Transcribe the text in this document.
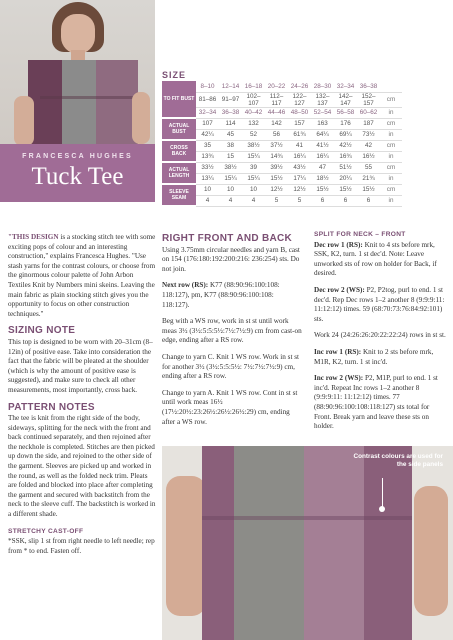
FRANCESCA HUGHES
Tuck Tee
SIZE
TO FIT BUST	8–10	12–14	16–18	20–22	24–26	28–30	32–34	36–38	
	81–86	91–97	102–107	112–117	122–127	132–137	142–147	152–157	cm
	32–34	36–38	40–42	44–46	48–50	52–54	56–58	60–62	in
ACTUAL BUST	107	114	132	142	157	163	176	187	cm
	42¼	45	52	56	61¾	64¼	69¼	73½	in
CROSS BACK	35	38	38½	37½	41	41½	42½	42	cm
	13¾	15	15¼	14¾	16¼	16¼	16¾	16½	in
ACTUAL LENGTH	33½	38½	39	39½	43½	47	51½	55	cm
	13¼	15¼	15¼	15½	17¼	18½	20¼	21¾	in
SLEEVE SEAM	10	10	10	12½	12½	15½	15½	15½	cm
	4	4	4	5	5	6	6	6	in
"THIS DESIGN is a stocking stitch tee with some exciting pops of colour and an interesting construction," explains Francesca Hughes. "Use stash yarns for the contrast colours, or choose from the ginormous colour palette of John Arbon Textiles Knit by Numbers mini skeins. Leaving the main fabric as plain stocking stitch gives you the opportunity to focus on other construction techniques."
SIZING NOTE
This top is designed to be worn with 20–31cm (8–12in) of positive ease. Take into consideration the fact that the fabric will be pleated at the shoulder (which is why the amount of positive ease is suggested), and make sure to check all other measurements, most importantly, cross back.
PATTERN NOTES
The tee is knit from the right side of the body, sideways, splitting for the neck with the front and back continued separately, and then rejoined after the neckhole is completed. Stitches are then picked up down the side, and rejoined to the other side of the garment. Sleeves are picked up and worked in the round, as well as the folded neck trim. Pleats are folded and blocked into place after completing the garment and secured with backstitch from the neck to the sleeve cuff. The backstitch is worked in a different shade.
STRETCHY CAST-OFF
*SSK, slip 1 st from right needle to left needle; rep from * to end. Fasten off.
RIGHT FRONT AND BACK
Using 3.75mm circular needles and yarn B, cast on 154 (176:180:192:200:216: 236:254) sts. Do not join.
Next row (RS): K77 (88:90:96:100:108: 118:127), pm, K77 (88:90:96:100:108: 118:127).
Beg with a WS row, work in st st until work meas 3½ (3½:5:5:5½:7½:7½:9) cm from cast-on edge, ending after a RS row.
Change to yarn C. Knit 1 WS row. Work in st st for another 3½ (3½:5:5:5½: 7½:7½:7½:9) cm, ending after a RS row.
Change to yarn A. Knit 1 WS row. Cont in st st until work meas 16½ (17½:20½:23:26½:26½:26½:29) cm, ending after a WS row.
SPLIT FOR NECK – FRONT
Dec row 1 (RS): Knit to 4 sts before mrk, SSK, K2, turn. 1 st dec'd. Note: Leave unworked sts of row on holder for Back, if desired.
Dec row 2 (WS): P2, P2tog, purl to end. 1 st dec'd. Rep Dec rows 1–2 another 8 (9:9:9:11: 11:12:12) times. 59 (68:70:73:76:84:92:101) sts.
Work 24 (24:26:26:20:22:22:24) rows in st st.
Inc row 1 (RS): Knit to 2 sts before mrk, M1R, K2, turn. 1 st inc'd.
Inc row 2 (WS): P2, M1P, purl to end. 1 st inc'd. Repeat Inc rows 1–2 another 8 (9:9:9:11: 11:12:12) times. 77 (88:90:96:100:108:118:127) sts total for Front. Break yarn and leave these sts on holder.
Contrast colours are used for the side panels
